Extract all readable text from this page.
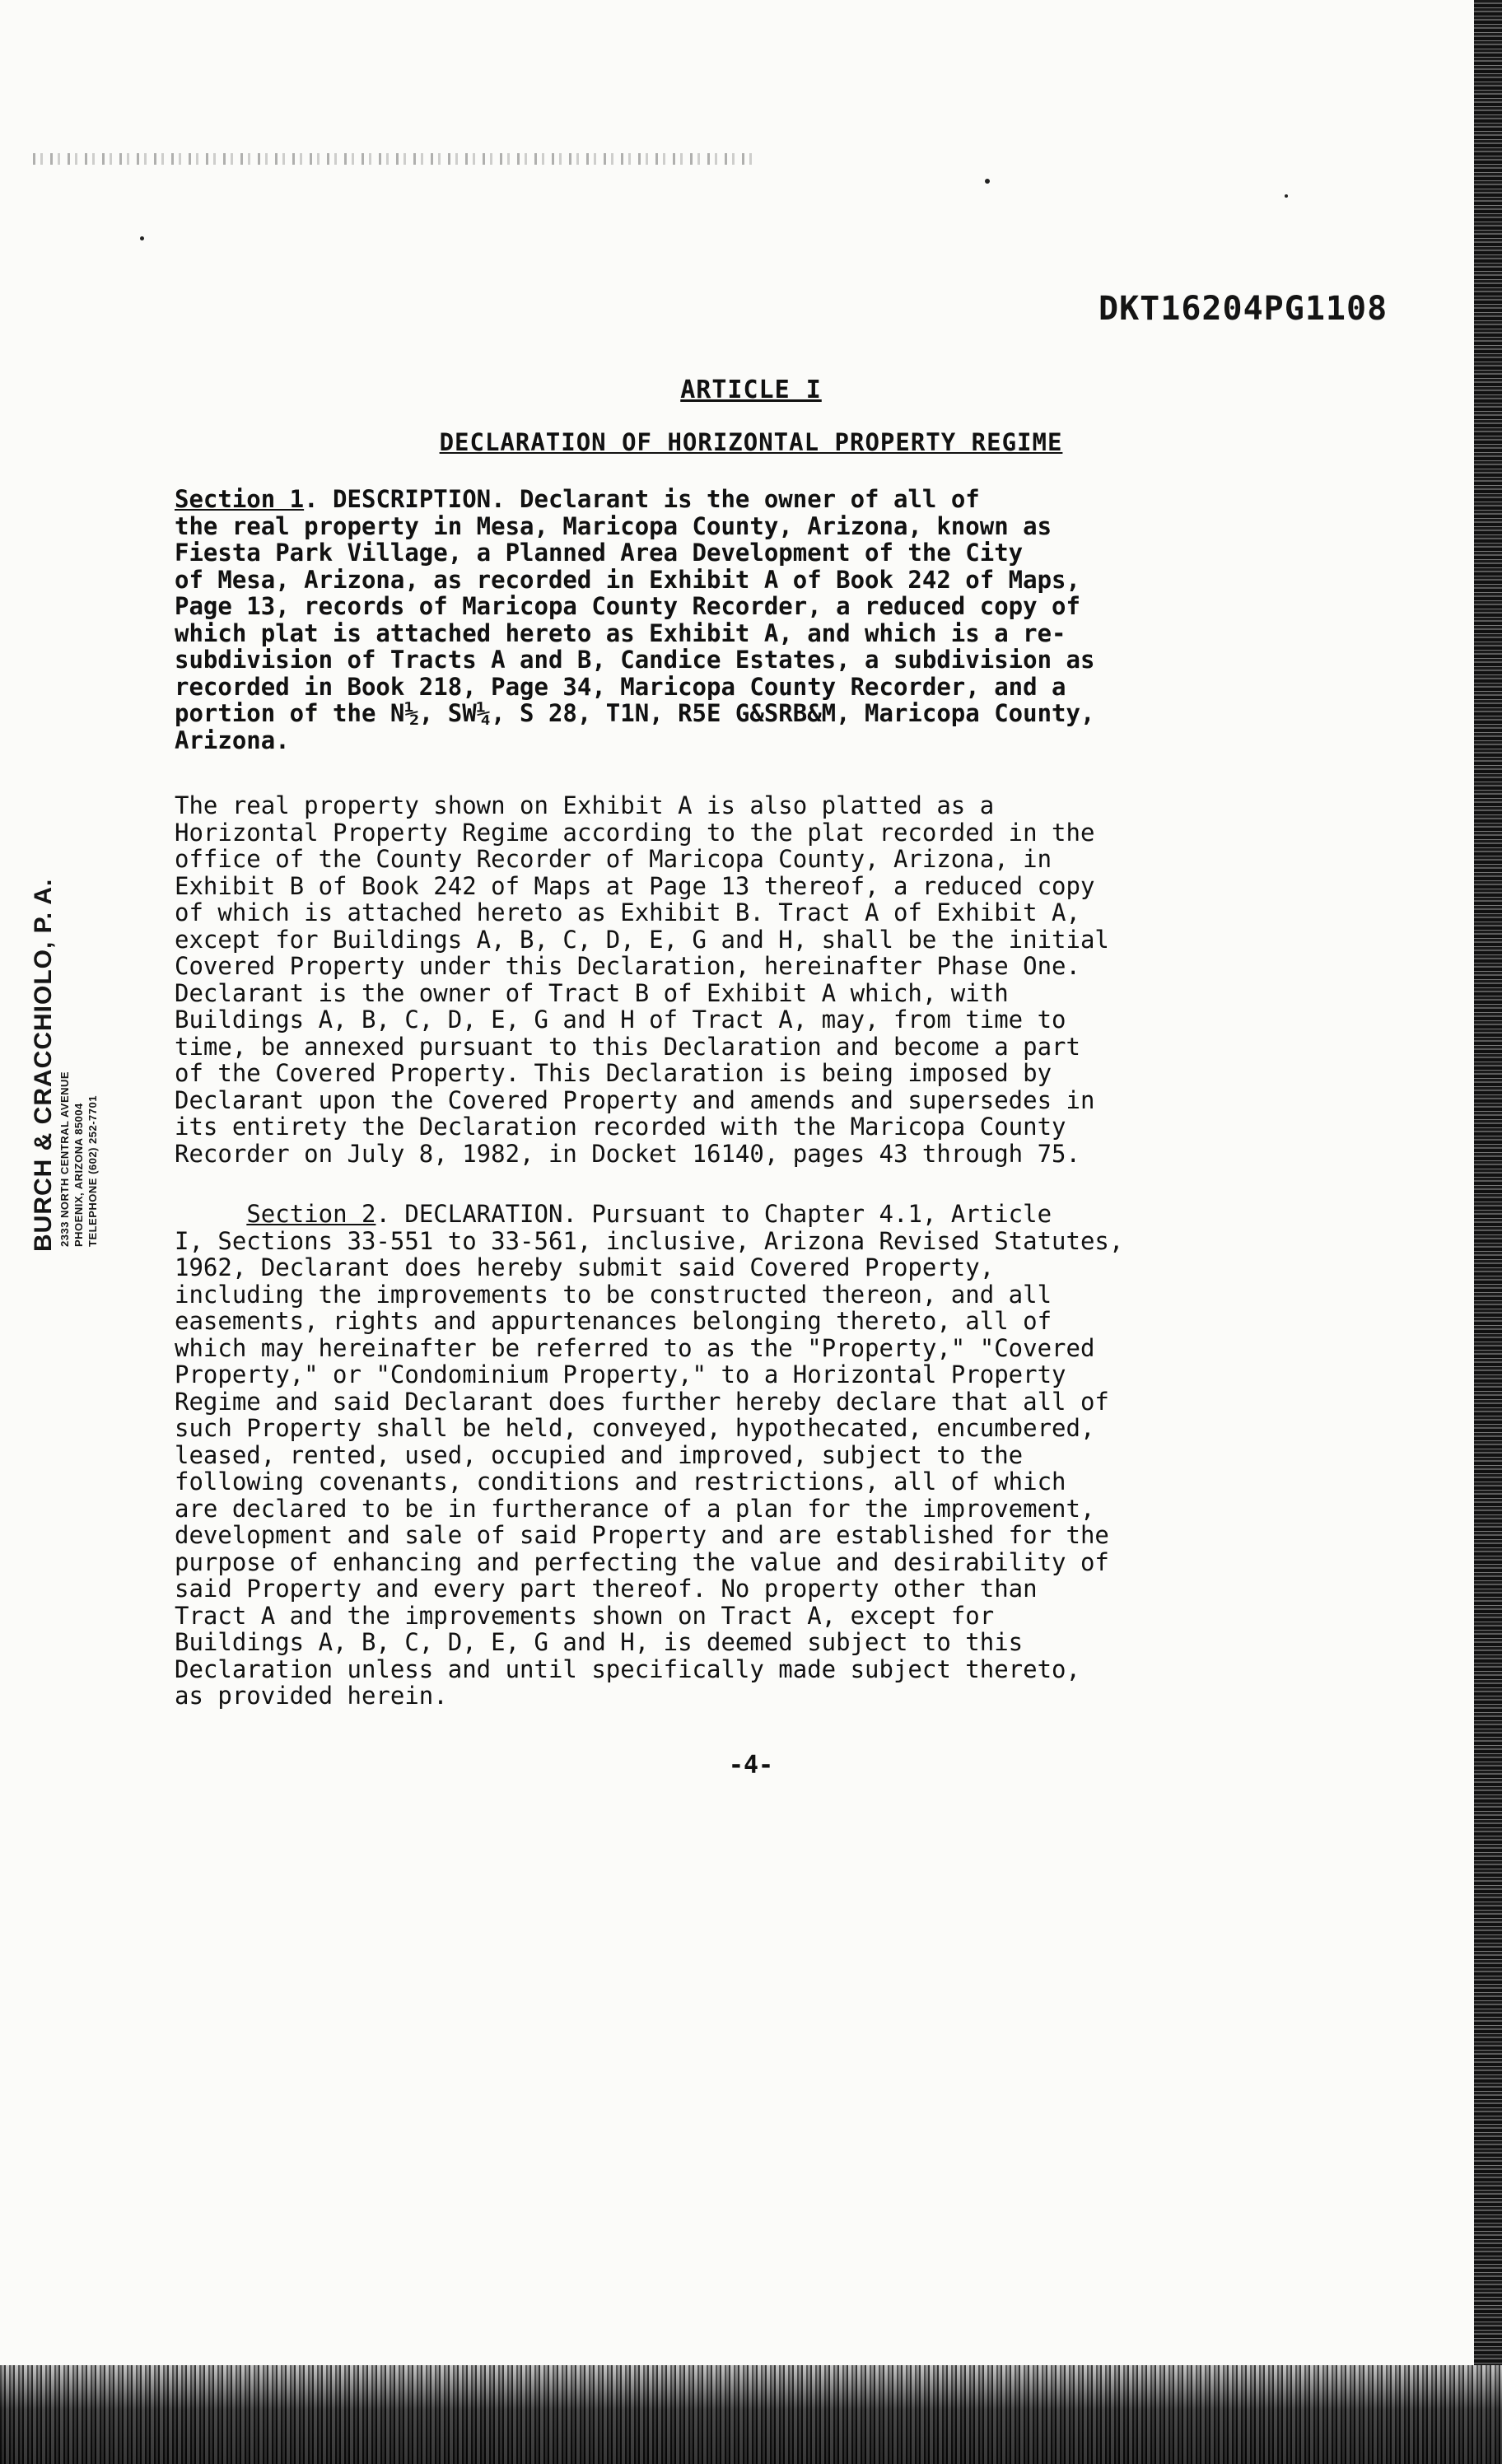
DKT16204PG1108
ARTICLE I
DECLARATION OF HORIZONTAL PROPERTY REGIME
Section 1. DESCRIPTION. Declarant is the owner of all of
the real property in Mesa, Maricopa County, Arizona, known as
Fiesta Park Village, a Planned Area Development of the City
of Mesa, Arizona, as recorded in Exhibit A of Book 242 of Maps,
Page 13, records of Maricopa County Recorder, a reduced copy of
which plat is attached hereto as Exhibit A, and which is a re-
subdivision of Tracts A and B, Candice Estates, a subdivision as
recorded in Book 218, Page 34, Maricopa County Recorder, and a
portion of the N½, SW¼, S 28, T1N, R5E G&SRB&M, Maricopa County,
Arizona.
The real property shown on Exhibit A is also platted as a
Horizontal Property Regime according to the plat recorded in the
office of the County Recorder of Maricopa County, Arizona, in
Exhibit B of Book 242 of Maps at Page 13 thereof, a reduced copy
of which is attached hereto as Exhibit B. Tract A of Exhibit A,
except for Buildings A, B, C, D, E, G and H, shall be the initial
Covered Property under this Declaration, hereinafter Phase One.
Declarant is the owner of Tract B of Exhibit A which, with
Buildings A, B, C, D, E, G and H of Tract A, may, from time to
time, be annexed pursuant to this Declaration and become a part
of the Covered Property. This Declaration is being imposed by
Declarant upon the Covered Property and amends and supersedes in
its entirety the Declaration recorded with the Maricopa County
Recorder on July 8, 1982, in Docket 16140, pages 43 through 75.
Section 2. DECLARATION. Pursuant to Chapter 4.1, Article
I, Sections 33-551 to 33-561, inclusive, Arizona Revised Statutes,
1962, Declarant does hereby submit said Covered Property,
including the improvements to be constructed thereon, and all
easements, rights and appurtenances belonging thereto, all of
which may hereinafter be referred to as the "Property," "Covered
Property," or "Condominium Property," to a Horizontal Property
Regime and said Declarant does further hereby declare that all of
such Property shall be held, conveyed, hypothecated, encumbered,
leased, rented, used, occupied and improved, subject to the
following covenants, conditions and restrictions, all of which
are declared to be in furtherance of a plan for the improvement,
development and sale of said Property and are established for the
purpose of enhancing and perfecting the value and desirability of
said Property and every part thereof. No property other than
Tract A and the improvements shown on Tract A, except for
Buildings A, B, C, D, E, G and H, is deemed subject to this
Declaration unless and until specifically made subject thereto,
as provided herein.
-4-
BURCH & CRACCHIOLO, P. A. 2333 NORTH CENTRAL AVENUE PHOENIX, ARIZONA 85004 TELEPHONE (602) 252-7701
